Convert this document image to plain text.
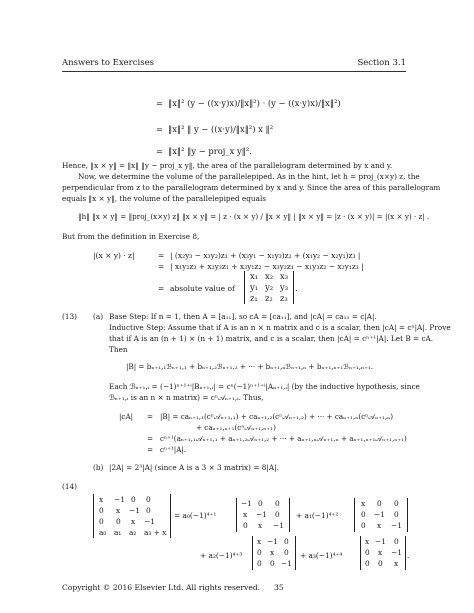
Answers to Exercises	Section 3.1
= ‖x‖² (y − ((x·y)x)/‖x‖²) · (y − ((x·y)x)/‖x‖²)
= ‖x‖² ‖ y − ((x·y)/‖x‖²) x ‖²
= ‖x‖² ‖y − proj_x y‖².
Hence, ‖x × y‖ = ‖x‖ ‖y − proj_x y‖, the area of the parallelogram determined by x and y.
Now, we determine the volume of the parallelepiped. As in the hint, let h = proj_(x×y) z, the
perpendicular from z to the parallelogram determined by x and y. Since the area of this parallelogram
equals ‖x × y‖, the volume of the parallelepiped equals
‖h‖ ‖x × y‖ = ‖proj_(x×y) z‖ ‖x × y‖ = | z · (x × y) / ‖x × y‖ | ‖x × y‖ = |z · (x × y)| = |(x × y) · z| .
But from the definition in Exercise 8,
|(x × y) · z|	= | (x₂y₃ − x₃y₂)z₁ + (x₃y₁ − x₁y₃)z₂ + (x₁y₂ − x₂y₁)z₃ |
= | x₁y₂z₃ + x₂y₃z₁ + x₃y₁z₂ − x₃y₂z₁ − x₁y₃z₂ − x₂y₁z₃ |
= absolute value of
x₁ x₂ x₃
y₁ y₂ y₃
z₁ z₂ z₃
.
(13) (a) Base Step: If n = 1, then A = [a₁₁], so cA = [ca₁₁], and |cA| = ca₁₁ = c|A|.
Inductive Step: Assume that if A is an n × n matrix and c is a scalar, then |cA| = cⁿ|A|. Prove
that if A is an (n + 1) × (n + 1) matrix, and c is a scalar, then |cA| = cⁿ⁺¹|A|. Let B = cA.
Then
|B| = bₙ₊₁,₁ℬₙ₊₁,₁ + bₙ₊₁,₂ℬₙ₊₁,₂ + ··· + bₙ₊₁,ₙℬₙ₊₁,ₙ + bₙ₊₁,ₙ₊₁ℬₙ₊₁,ₙ₊₁.
Each ℬₙ₊₁,ᵢ = (−1)ⁿ⁺¹⁺ⁱ|Bₙ₊₁,ᵢ| = cⁿ(−1)ⁿ⁺¹⁺ⁱ|Aₙ₊₁,ᵢ| (by the inductive hypothesis, since
ℬₙ₊₁,ᵢ is an n × n matrix) = cⁿ𝒜ₙ₊₁,ᵢ. Thus,
|cA| = |B| = caₙ₊₁,₁(cⁿ𝒜ₙ₊₁,₁) + caₙ₊₁,₂(cⁿ𝒜ₙ₊₁,₂) + ··· + caₙ₊₁,ₙ(cⁿ𝒜ₙ₊₁,ₙ)
+ caₙ₊₁,ₙ₊₁(cⁿ𝒜ₙ₊₁,ₙ₊₁)
= cⁿ⁺¹(aₙ₊₁,₁𝒜ₙ₊₁,₁ + aₙ₊₁,₂𝒜ₙ₊₁,₂ + ··· + aₙ₊₁,ₙ𝒜ₙ₊₁,ₙ + aₙ₊₁,ₙ₊₁𝒜ₙ₊₁,ₙ₊₁)
= cⁿ⁺¹|A|.
(b) |2A| = 2³|A| (since A is a 3 × 3 matrix) = 8|A|.
(14)
x −1 0 0
0 x −1 0
0 0 x −1
a₀ a₁ a₂ a₃ + x
= a₀(−1)⁴⁺¹
−1 0 0
x −1 0
0 x −1
+ a₁(−1)⁴⁺²
x 0 0
0 −1 0
0 x −1
+ a₂(−1)⁴⁺³
x −1 0
0 x 0
0 0 −1
+ a₃(−1)⁴⁺⁴
x −1 0
0 x −1
0 0 x
.
Copyright © 2016 Elsevier Ltd. All rights reserved. 35
